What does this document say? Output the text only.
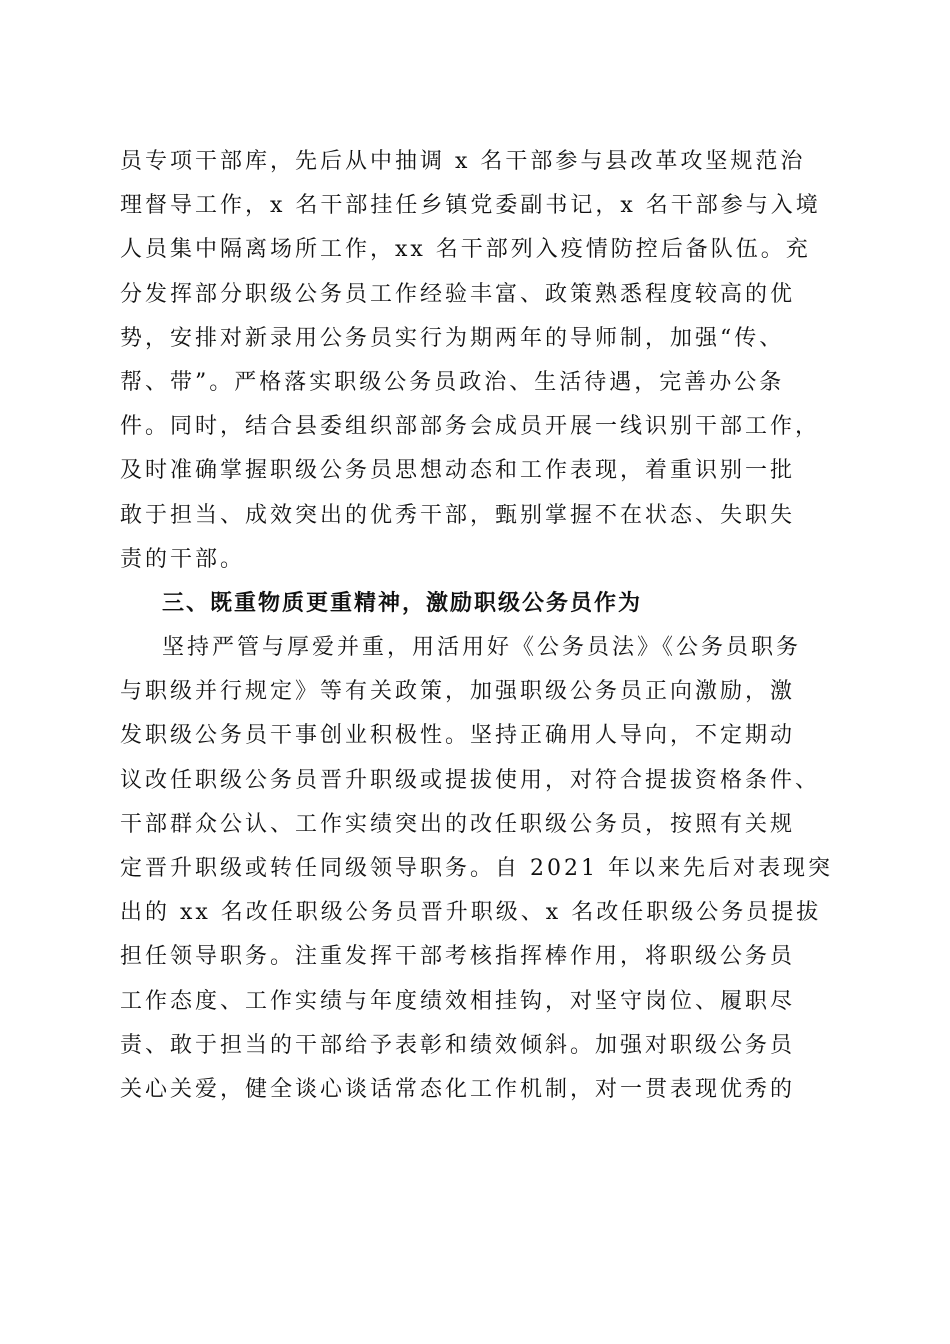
员专项干部库，先后从中抽调 x 名干部参与县改革攻坚规范治
理督导工作，x 名干部挂任乡镇党委副书记，x 名干部参与入境
人员集中隔离场所工作，xx 名干部列入疫情防控后备队伍。充
分发挥部分职级公务员工作经验丰富、政策熟悉程度较高的优
势，安排对新录用公务员实行为期两年的导师制，加强“传、
帮、带”。严格落实职级公务员政治、生活待遇，完善办公条
件。同时，结合县委组织部部务会成员开展一线识别干部工作，
及时准确掌握职级公务员思想动态和工作表现，着重识别一批
敢于担当、成效突出的优秀干部，甄别掌握不在状态、失职失
责的干部。
三、既重物质更重精神，激励职级公务员作为
坚持严管与厚爱并重，用活用好《公务员法》《公务员职务
与职级并行规定》等有关政策，加强职级公务员正向激励，激
发职级公务员干事创业积极性。坚持正确用人导向，不定期动
议改任职级公务员晋升职级或提拔使用，对符合提拔资格条件、
干部群众公认、工作实绩突出的改任职级公务员，按照有关规
定晋升职级或转任同级领导职务。自 2021 年以来先后对表现突
出的 xx 名改任职级公务员晋升职级、x 名改任职级公务员提拔
担任领导职务。注重发挥干部考核指挥棒作用，将职级公务员
工作态度、工作实绩与年度绩效相挂钩，对坚守岗位、履职尽
责、敢于担当的干部给予表彰和绩效倾斜。加强对职级公务员
关心关爱，健全谈心谈话常态化工作机制，对一贯表现优秀的
